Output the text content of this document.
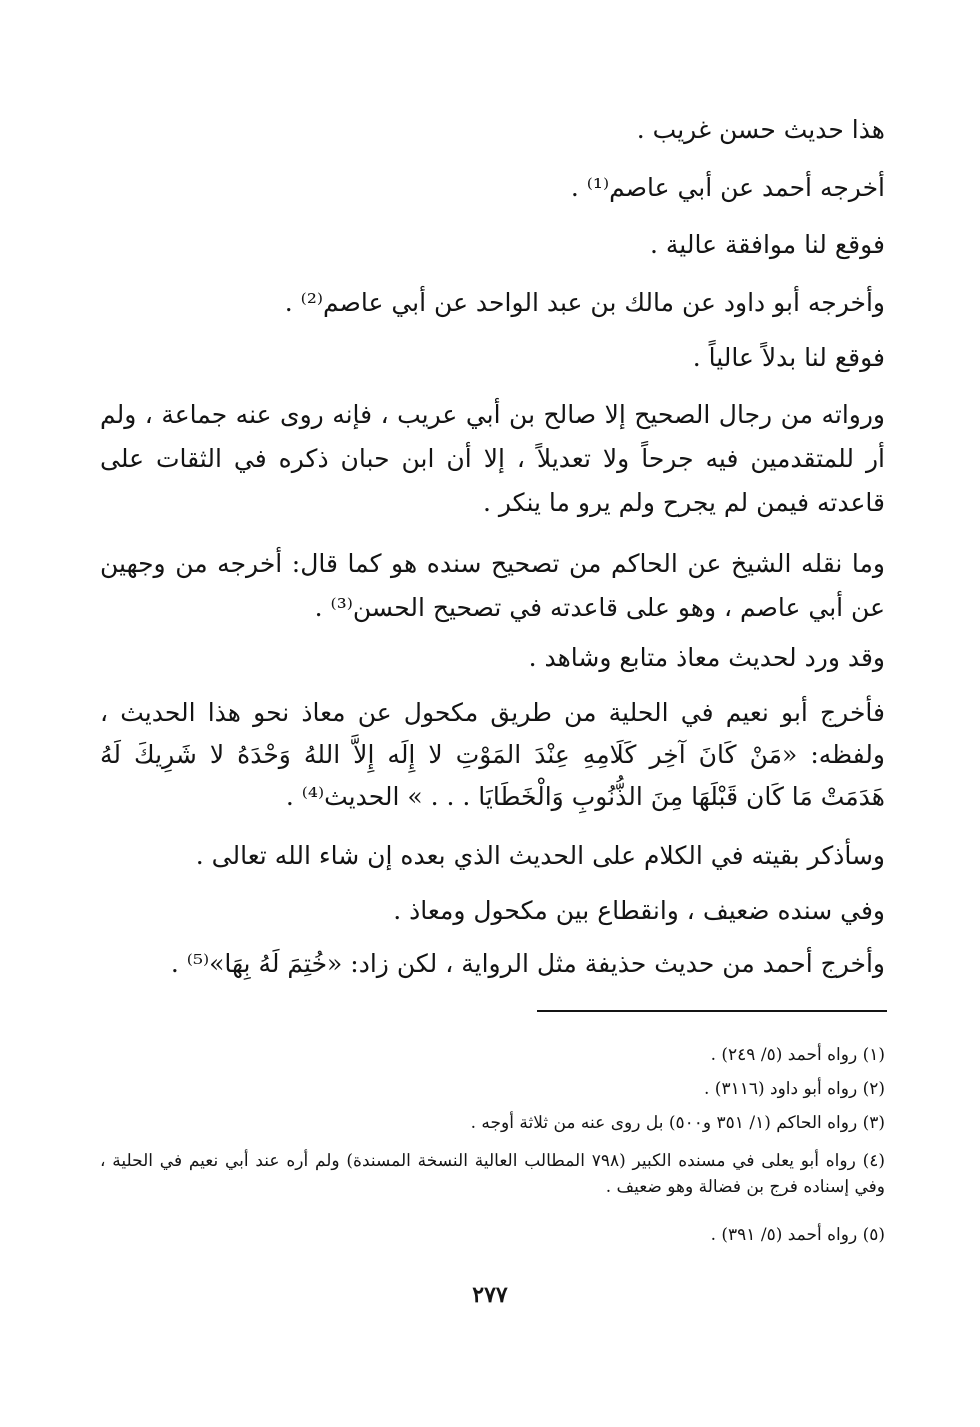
هذا حديث حسن غريب .
أخرجه أحمد عن أبي عاصم⁽¹⁾ .
فوقع لنا موافقة عالية .
وأخرجه أبو داود عن مالك بن عبد الواحد عن أبي عاصم⁽²⁾ .
فوقع لنا بدلاً عالياً .
ورواته من رجال الصحيح إلا صالح بن أبي عريب ، فإنه روى عنه جماعة ، ولم أر للمتقدمين فيه جرحاً ولا تعديلاً ، إلا أن ابن حبان ذكره في الثقات على قاعدته فيمن لم يجرح ولم يرو ما ينكر .
وما نقله الشيخ عن الحاكم من تصحيح سنده هو كما قال: أخرجه من وجهين عن أبي عاصم ، وهو على قاعدته في تصحيح الحسن⁽³⁾ .
وقد ورد لحديث معاذ متابع وشاهد .
فأخرج أبو نعيم في الحلية من طريق مكحول عن معاذ نحو هذا الحديث ، ولفظه: «مَنْ كَانَ آخِر كَلَامِهِ عِنْدَ المَوْتِ لا إِلَه إِلاَّ اللهُ وَحْدَهُ لا شَرِيكَ لَهُ هَدَمَتْ مَا كَان قَبْلَهَا مِنَ الذُّنُوبِ وَالْخَطَايَا . . . » الحديث⁽⁴⁾ .
وسأذكر بقيته في الكلام على الحديث الذي بعده إن شاء الله تعالى .
وفي سنده ضعيف ، وانقطاع بين مكحول ومعاذ .
وأخرج أحمد من حديث حذيفة مثل الرواية ، لكن زاد: «خُتِمَ لَهُ بِهَا»⁽⁵⁾ .
(١) رواه أحمد (٥/ ٢٤٩) .
(٢) رواه أبو داود (٣١١٦) .
(٣) رواه الحاكم (١/ ٣٥١ و٥٠٠) بل روى عنه من ثلاثة أوجه .
(٤) رواه أبو يعلى في مسنده الكبير (٧٩٨ المطالب العالية النسخة المسندة) ولم أره عند أبي نعيم في الحلية ، وفي إسناده فرج بن فضالة وهو ضعيف .
(٥) رواه أحمد (٥/ ٣٩١) .
٢٧٧
